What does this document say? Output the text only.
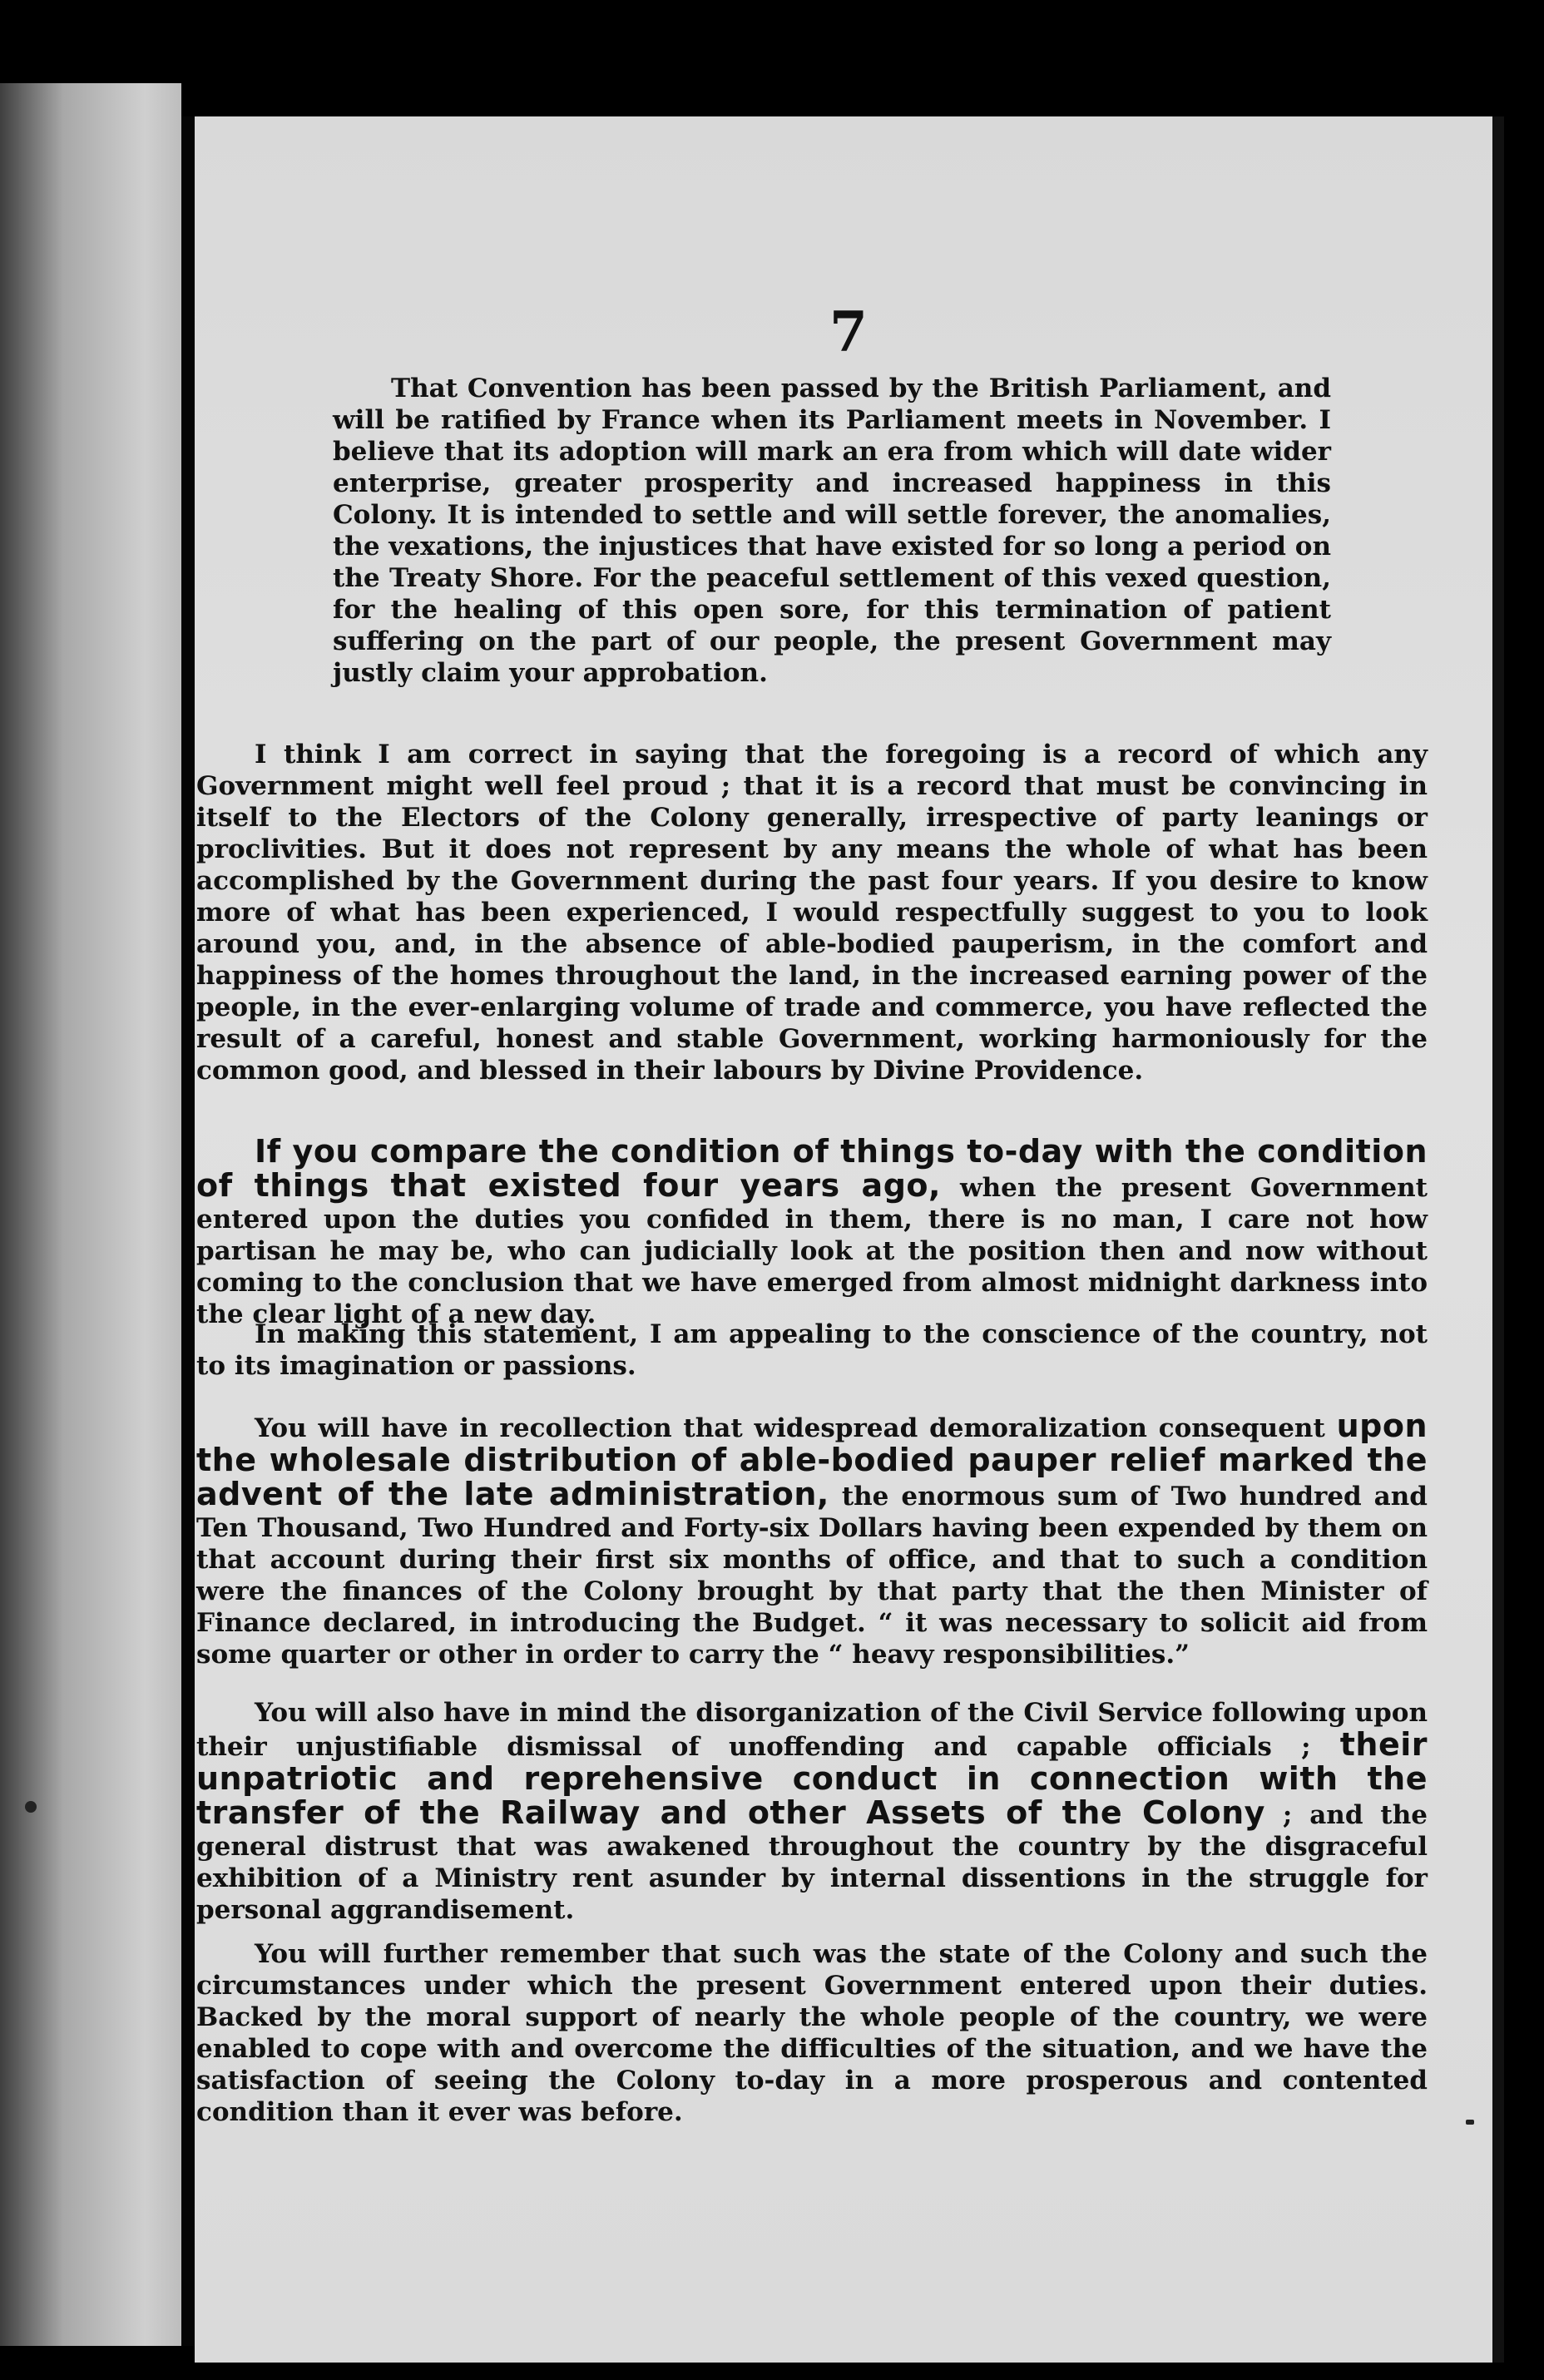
7

That Convention has been passed by the British Parliament, and will be ratified by France when its Parliament meets in November. I believe that its adoption will mark an era from which will date wider enterprise, greater prosperity and increased happiness in this Colony. It is intended to settle and will settle forever, the anomalies, the vexations, the injustices that have existed for so long a period on the Treaty Shore. For the peaceful settlement of this vexed question, for the healing of this open sore, for this termination of patient suffering on the part of our people, the present Government may justly claim your approbation.

I think I am correct in saying that the foregoing is a record of which any Government might well feel proud ; that it is a record that must be convincing in itself to the Electors of the Colony generally, irrespective of party leanings or proclivities. But it does not represent by any means the whole of what has been accomplished by the Government during the past four years. If you desire to know more of what has been experienced, I would respectfully suggest to you to look around you, and, in the absence of able-bodied pauperism, in the comfort and happiness of the homes throughout the land, in the increased earning power of the people, in the ever-enlarging volume of trade and commerce, you have reflected the result of a careful, honest and stable Government, working harmoniously for the common good, and blessed in their labours by Divine Providence.

If you compare the condition of things to-day with the condition of things that existed four years ago, when the present Government entered upon the duties you confided in them, there is no man, I care not how partisan he may be, who can judicially look at the position then and now without coming to the conclusion that we have emerged from almost midnight darkness into the clear light of a new day.

In making this statement, I am appealing to the conscience of the country, not to its imagination or passions.

You will have in recollection that widespread demoralization consequent upon the wholesale distribution of able-bodied pauper relief marked the advent of the late administration, the enormous sum of Two hundred and Ten Thousand, Two Hundred and Forty-six Dollars having been expended by them on that account during their first six months of office, and that to such a condition were the finances of the Colony brought by that party that the then Minister of Finance declared, in introducing the Budget. “ it was necessary to solicit aid from some quarter or other in order to carry the “ heavy responsibilities.”

You will also have in mind the disorganization of the Civil Service following upon their unjustifiable dismissal of unoffending and capable officials ; their unpatriotic and reprehensive conduct in connection with the transfer of the Railway and other Assets of the Colony ; and the general distrust that was awakened throughout the country by the disgraceful exhibition of a Ministry rent asunder by internal dissentions in the struggle for personal aggrandisement.

You will further remember that such was the state of the Colony and such the circumstances under which the present Government entered upon their duties. Backed by the moral support of nearly the whole people of the country, we were enabled to cope with and overcome the difficulties of the situation, and we have the satisfaction of seeing the Colony to-day in a more prosperous and contented condition than it ever was before.
